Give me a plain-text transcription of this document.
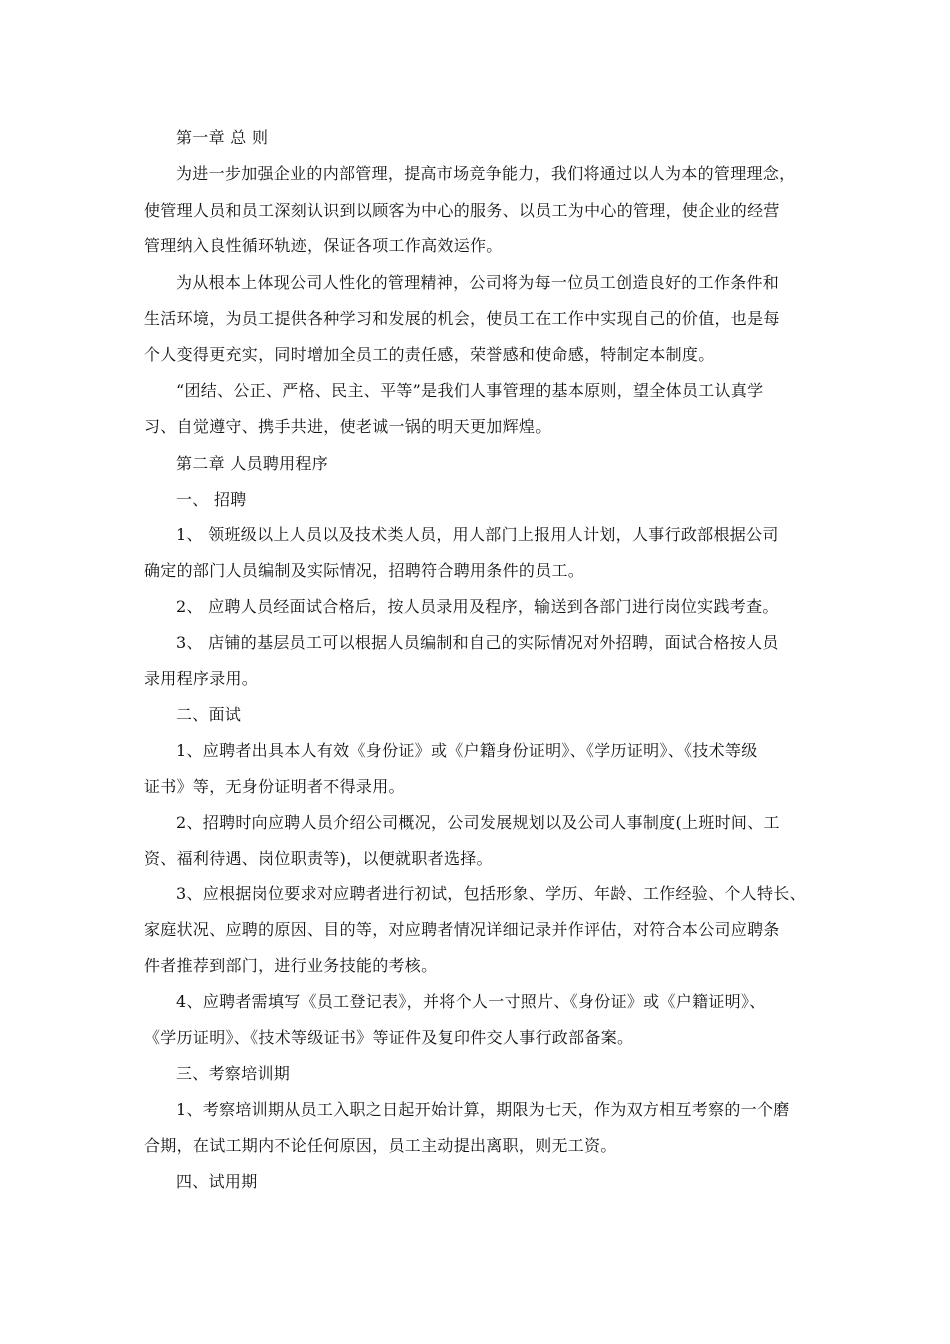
第一章 总 则
为进一步加强企业的内部管理，提高市场竞争能力，我们将通过以人为本的管理理念，
使管理人员和员工深刻认识到以顾客为中心的服务、以员工为中心的管理，使企业的经营
管理纳入良性循环轨迹，保证各项工作高效运作。
为从根本上体现公司人性化的管理精神，公司将为每一位员工创造良好的工作条件和
生活环境，为员工提供各种学习和发展的机会，使员工在工作中实现自己的价值，也是每
个人变得更充实，同时增加全员工的责任感，荣誉感和使命感，特制定本制度。
“团结、公正、严格、民主、平等”是我们人事管理的基本原则，望全体员工认真学
习、自觉遵守、携手共进，使老诚一锅的明天更加辉煌。
第二章 人员聘用程序
一、 招聘
1、 领班级以上人员以及技术类人员，用人部门上报用人计划，人事行政部根据公司
确定的部门人员编制及实际情况，招聘符合聘用条件的员工。
2、 应聘人员经面试合格后，按人员录用及程序，输送到各部门进行岗位实践考查。
3、 店铺的基层员工可以根据人员编制和自己的实际情况对外招聘，面试合格按人员
录用程序录用。
二、面试
1、应聘者出具本人有效《身份证》或《户籍身份证明》、《学历证明》、《技术等级
证书》等，无身份证明者不得录用。
2、招聘时向应聘人员介绍公司概况，公司发展规划以及公司人事制度(上班时间、工
资、福利待遇、岗位职责等)，以便就职者选择。
3、应根据岗位要求对应聘者进行初试，包括形象、学历、年龄、工作经验、个人特长、
家庭状况、应聘的原因、目的等，对应聘者情况详细记录并作评估，对符合本公司应聘条
件者推荐到部门，进行业务技能的考核。
4、应聘者需填写《员工登记表》，并将个人一寸照片、《身份证》或《户籍证明》、
《学历证明》、《技术等级证书》等证件及复印件交人事行政部备案。
三、考察培训期
1、考察培训期从员工入职之日起开始计算，期限为七天，作为双方相互考察的一个磨
合期，在试工期内不论任何原因，员工主动提出离职，则无工资。
四、试用期
